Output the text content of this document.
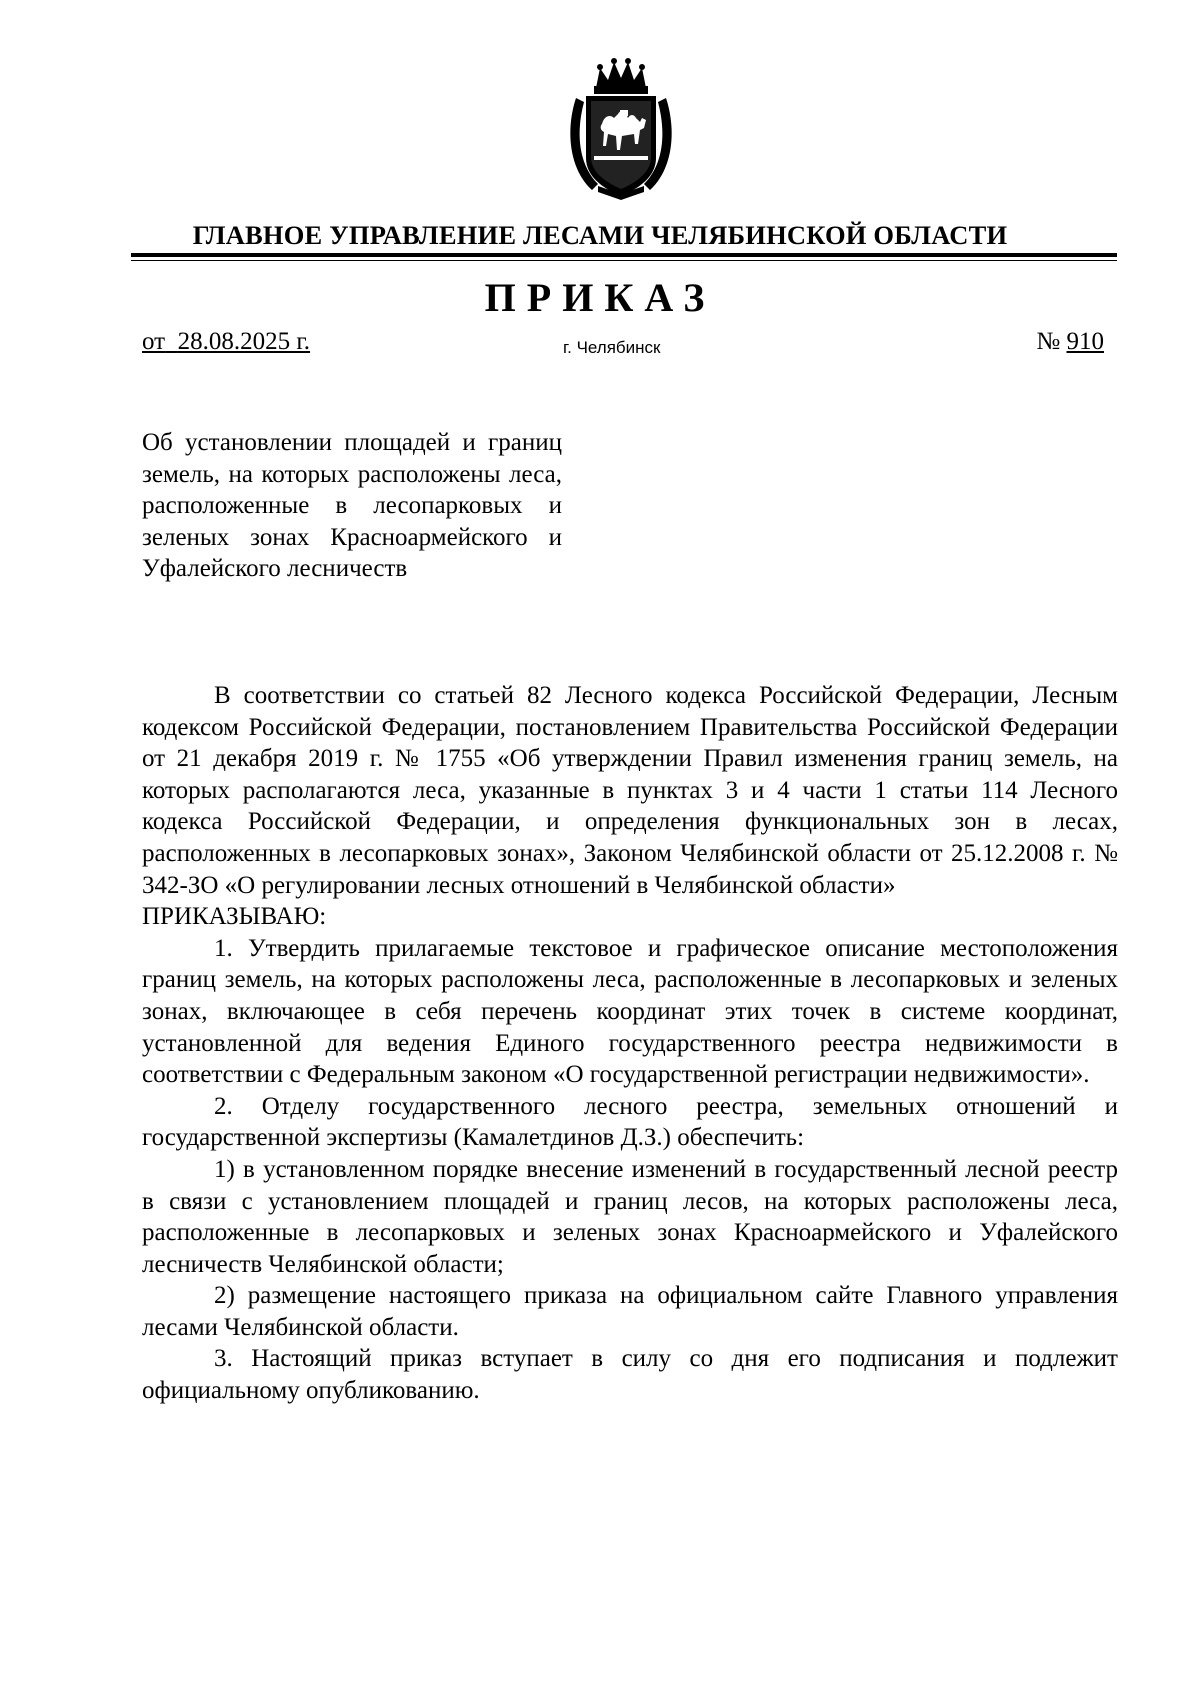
ГЛАВНОЕ УПРАВЛЕНИЕ ЛЕСАМИ ЧЕЛЯБИНСКОЙ ОБЛАСТИ
ПРИКАЗ
от 28.08.2025 г.	г. Челябинск	№ 910
Об установлении площадей и границ земель, на которых расположены леса, расположенные в лесопарковых и зеленых зонах Красноармейского и Уфалейского лесничеств

В соответствии со статьей 82 Лесного кодекса Российской Федерации, Лесным кодексом Российской Федерации, постановлением Правительства Российской Федерации от 21 декабря 2019 г. № 1755 «Об утверждении Правил изменения границ земель, на которых располагаются леса, указанные в пунктах 3 и 4 части 1 статьи 114 Лесного кодекса Российской Федерации, и определения функциональных зон в лесах, расположенных в лесопарковых зонах», Законом Челябинской области от 25.12.2008 г. № 342-ЗО «О регулировании лесных отношений в Челябинской области»

ПРИКАЗЫВАЮ:

1. Утвердить прилагаемые текстовое и графическое описание местоположения границ земель, на которых расположены леса, расположенные в лесопарковых и зеленых зонах, включающее в себя перечень координат этих точек в системе координат, установленной для ведения Единого государственного реестра недвижимости в соответствии с Федеральным законом «О государственной регистрации недвижимости».

2. Отделу государственного лесного реестра, земельных отношений и государственной экспертизы (Камалетдинов Д.З.) обеспечить:

1) в установленном порядке внесение изменений в государственный лесной реестр в связи с установлением площадей и границ лесов, на которых расположены леса, расположенные в лесопарковых и зеленых зонах Красноармейского и Уфалейского лесничеств Челябинской области;

2) размещение настоящего приказа на официальном сайте Главного управления лесами Челябинской области.

3. Настоящий приказ вступает в силу со дня его подписания и подлежит официальному опубликованию.
